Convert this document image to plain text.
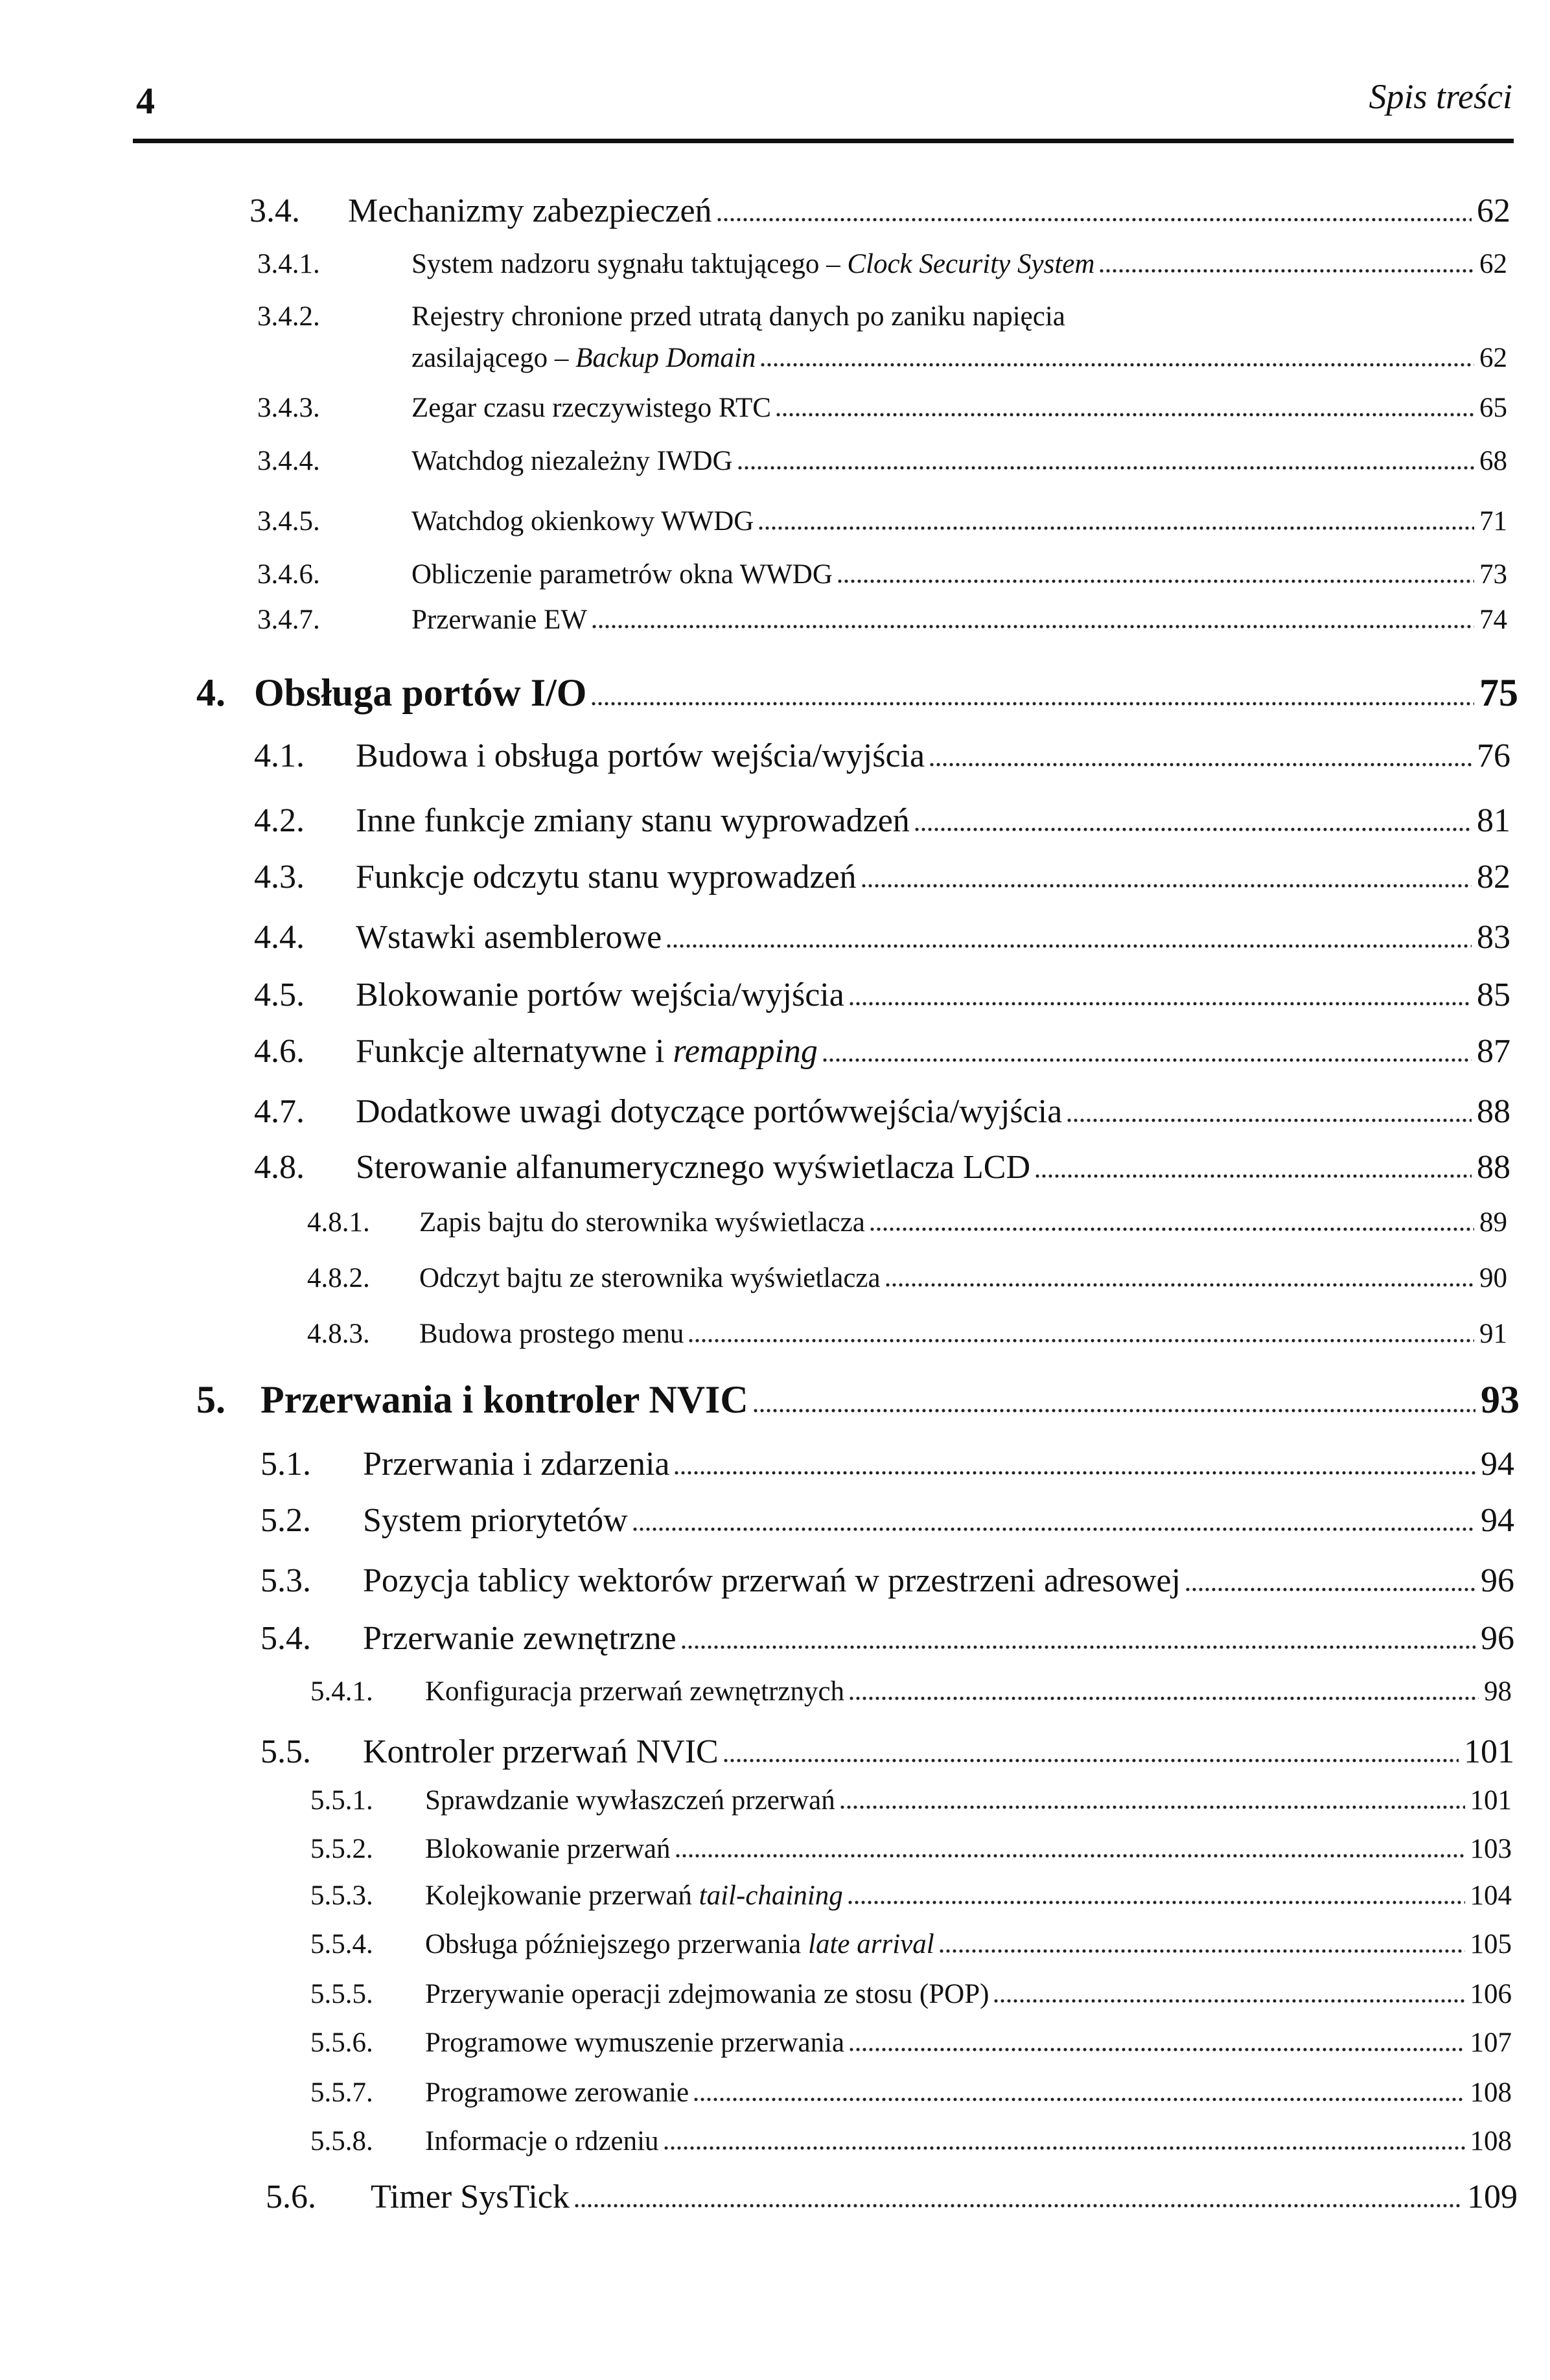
4	Spis treści
3.4. Mechanizmy zabezpieczeń	62
3.4.1.	System nadzoru sygnału taktującego – Clock Security System	62
3.4.2.	Rejestry chronione przed utratą danych po zaniku napięcia
zasilającego – Backup Domain	62
3.4.3.	Zegar czasu rzeczywistego RTC	65
3.4.4.	Watchdog niezależny IWDG	68
3.4.5.	Watchdog okienkowy WWDG	71
3.4.6.	Obliczenie parametrów okna WWDG	73
3.4.7.	Przerwanie EW	74
4. Obsługa portów I/O	75
4.1. Budowa i obsługa portów wejścia/wyjścia	76
4.2. Inne funkcje zmiany stanu wyprowadzeń	81
4.3. Funkcje odczytu stanu wyprowadzeń	82
4.4. Wstawki asemblerowe	83
4.5. Blokowanie portów wejścia/wyjścia	85
4.6. Funkcje alternatywne i remapping	87
4.7. Dodatkowe uwagi dotyczące portówwejścia/wyjścia	88
4.8. Sterowanie alfanumerycznego wyświetlacza LCD	88
4.8.1. Zapis bajtu do sterownika wyświetlacza	89
4.8.2. Odczyt bajtu ze sterownika wyświetlacza	90
4.8.3. Budowa prostego menu	91
5. Przerwania i kontroler NVIC	93
5.1. Przerwania i zdarzenia	94
5.2. System priorytetów	94
5.3. Pozycja tablicy wektorów przerwań w przestrzeni adresowej	96
5.4. Przerwanie zewnętrzne	96
5.4.1. Konfiguracja przerwań zewnętrznych	98
5.5. Kontroler przerwań NVIC	101
5.5.1. Sprawdzanie wywłaszczeń przerwań	101
5.5.2. Blokowanie przerwań	103
5.5.3. Kolejkowanie przerwań tail-chaining	104
5.5.4. Obsługa późniejszego przerwania late arrival	105
5.5.5. Przerywanie operacji zdejmowania ze stosu (POP)	106
5.5.6. Programowe wymuszenie przerwania	107
5.5.7. Programowe zerowanie	108
5.5.8. Informacje o rdzeniu	108
5.6. Timer SysTick	109
